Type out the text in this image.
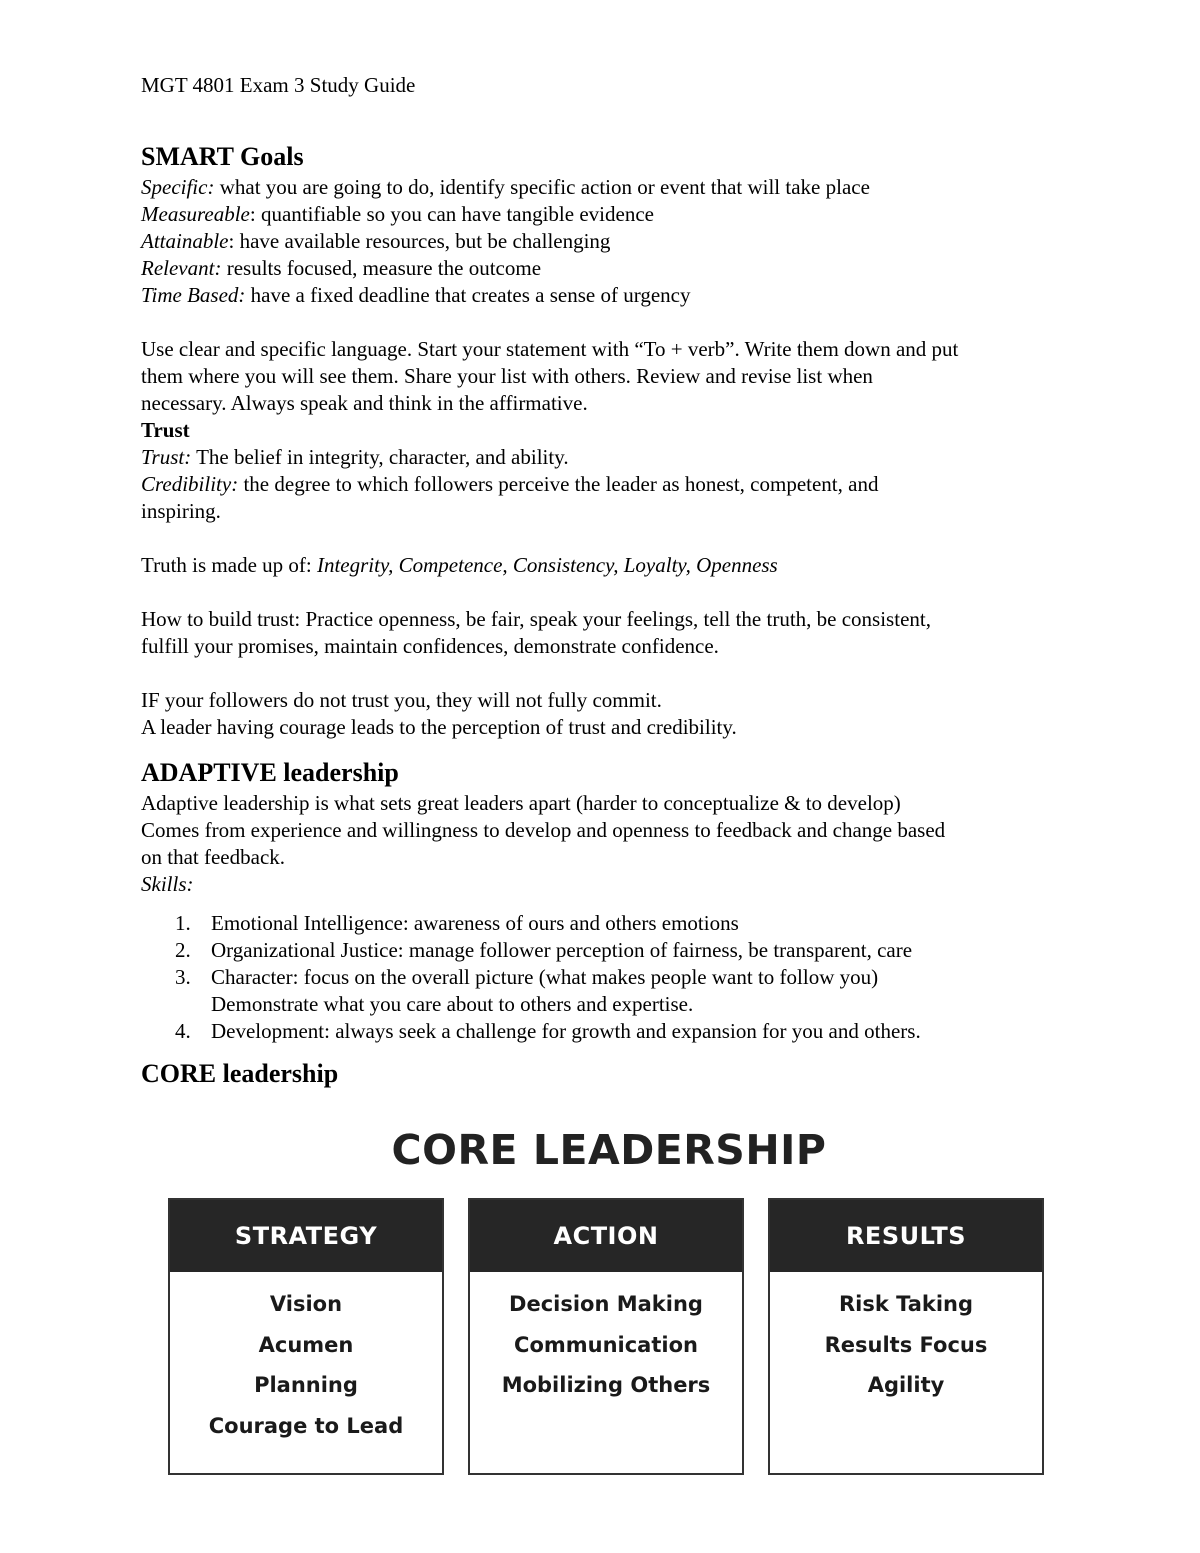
MGT 4801 Exam 3 Study Guide

SMART Goals

Specific: what you are going to do, identify specific action or event that will take place

Measureable: quantifiable so you can have tangible evidence

Attainable: have available resources, but be challenging

Relevant: results focused, measure the outcome

Time Based: have a fixed deadline that creates a sense of urgency

Use clear and specific language. Start your statement with “To + verb”. Write them down and put

them where you will see them. Share your list with others. Review and revise list when

necessary. Always speak and think in the affirmative.

Trust

Trust: The belief in integrity, character, and ability.

Credibility: the degree to which followers perceive the leader as honest, competent, and

inspiring.

Truth is made up of: Integrity, Competence, Consistency, Loyalty, Openness

How to build trust: Practice openness, be fair, speak your feelings, tell the truth, be consistent,

fulfill your promises, maintain confidences, demonstrate confidence.

IF your followers do not trust you, they will not fully commit.

A leader having courage leads to the perception of trust and credibility.

ADAPTIVE leadership

Adaptive leadership is what sets great leaders apart (harder to conceptualize & to develop)

Comes from experience and willingness to develop and openness to feedback and change based

on that feedback.

Skills:

1. Emotional Intelligence: awareness of ours and others emotions
2. Organizational Justice: manage follower perception of fairness, be transparent, care
3. Character: focus on the overall picture (what makes people want to follow you)
Demonstrate what you care about to others and expertise.
4. Development: always seek a challenge for growth and expansion for you and others.

CORE leadership

CORE LEADERSHIP
STRATEGY
Vision
Acumen
Planning
Courage to Lead
ACTION
Decision Making
Communication
Mobilizing Others
RESULTS
Risk Taking
Results Focus
Agility
